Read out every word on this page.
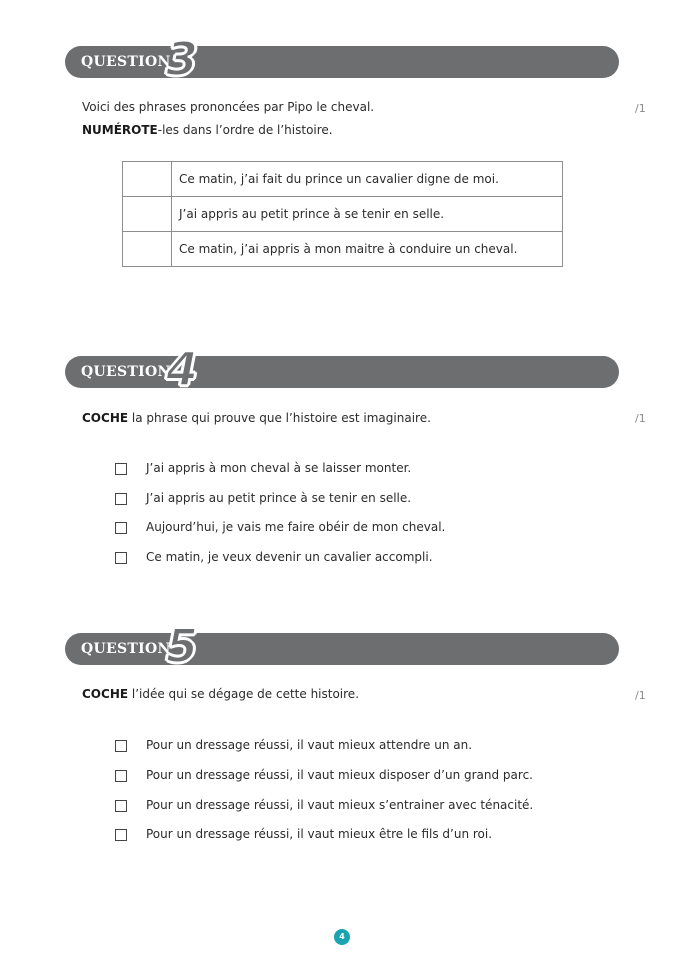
QUESTION
3
Voici des phrases prononcées par Pipo le cheval.
NUMÉROTE-les dans l’ordre de l’histoire.
/1
	Ce matin, j’ai fait du prince un cavalier digne de moi.
	J’ai appris au petit prince à se tenir en selle.
	Ce matin, j’ai appris à mon maitre à conduire un cheval.
QUESTION
4
COCHE la phrase qui prouve que l’histoire est imaginaire.	/1
J’ai appris à mon cheval à se laisser monter.
J’ai appris au petit prince à se tenir en selle.
Aujourd’hui, je vais me faire obéir de mon cheval.
Ce matin, je veux devenir un cavalier accompli.
QUESTION
5
COCHE l’idée qui se dégage de cette histoire.	/1
Pour un dressage réussi, il vaut mieux attendre un an.
Pour un dressage réussi, il vaut mieux disposer d’un grand parc.
Pour un dressage réussi, il vaut mieux s’entrainer avec ténacité.
Pour un dressage réussi, il vaut mieux être le fils d’un roi.
4
